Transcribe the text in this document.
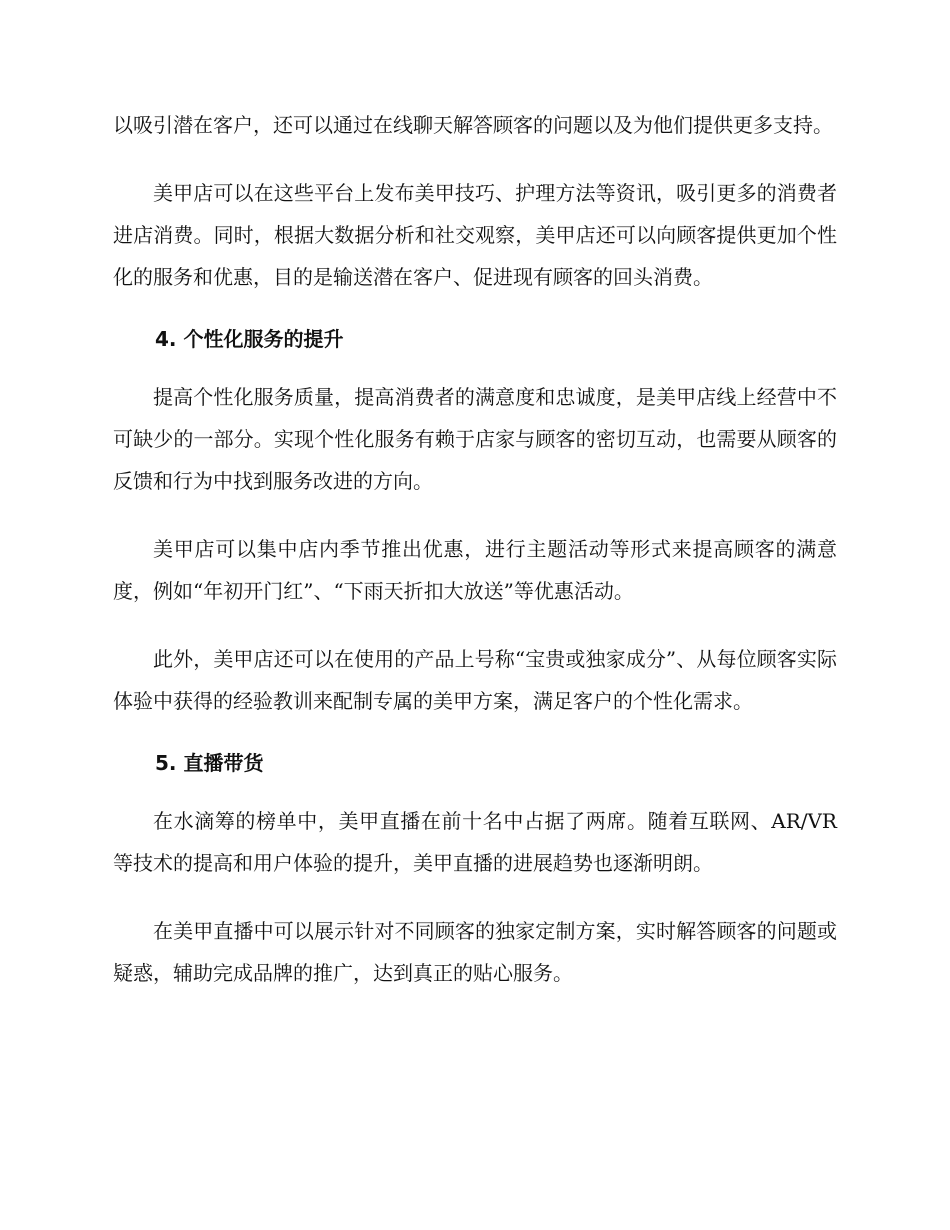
以吸引潜在客户，还可以通过在线聊天解答顾客的问题以及为他们提供更多支持。

美甲店可以在这些平台上发布美甲技巧、护理方法等资讯，吸引更多的消费者进店消费。同时，根据大数据分析和社交观察，美甲店还可以向顾客提供更加个性化的服务和优惠，目的是输送潜在客户、促进现有顾客的回头消费。

4. 个性化服务的提升

提高个性化服务质量，提高消费者的满意度和忠诚度，是美甲店线上经营中不可缺少的一部分。实现个性化服务有赖于店家与顾客的密切互动，也需要从顾客的反馈和行为中找到服务改进的方向。

美甲店可以集中店内季节推出优惠，进行主题活动等形式来提高顾客的满意度，例如“年初开门红”、“下雨天折扣大放送”等优惠活动。

此外，美甲店还可以在使用的产品上号称“宝贵或独家成分”、从每位顾客实际体验中获得的经验教训来配制专属的美甲方案，满足客户的个性化需求。

5. 直播带货

在水滴筹的榜单中，美甲直播在前十名中占据了两席。随着互联网、AR/VR 等技术的提高和用户体验的提升，美甲直播的进展趋势也逐渐明朗。

在美甲直播中可以展示针对不同顾客的独家定制方案，实时解答顾客的问题或疑惑，辅助完成品牌的推广，达到真正的贴心服务。
